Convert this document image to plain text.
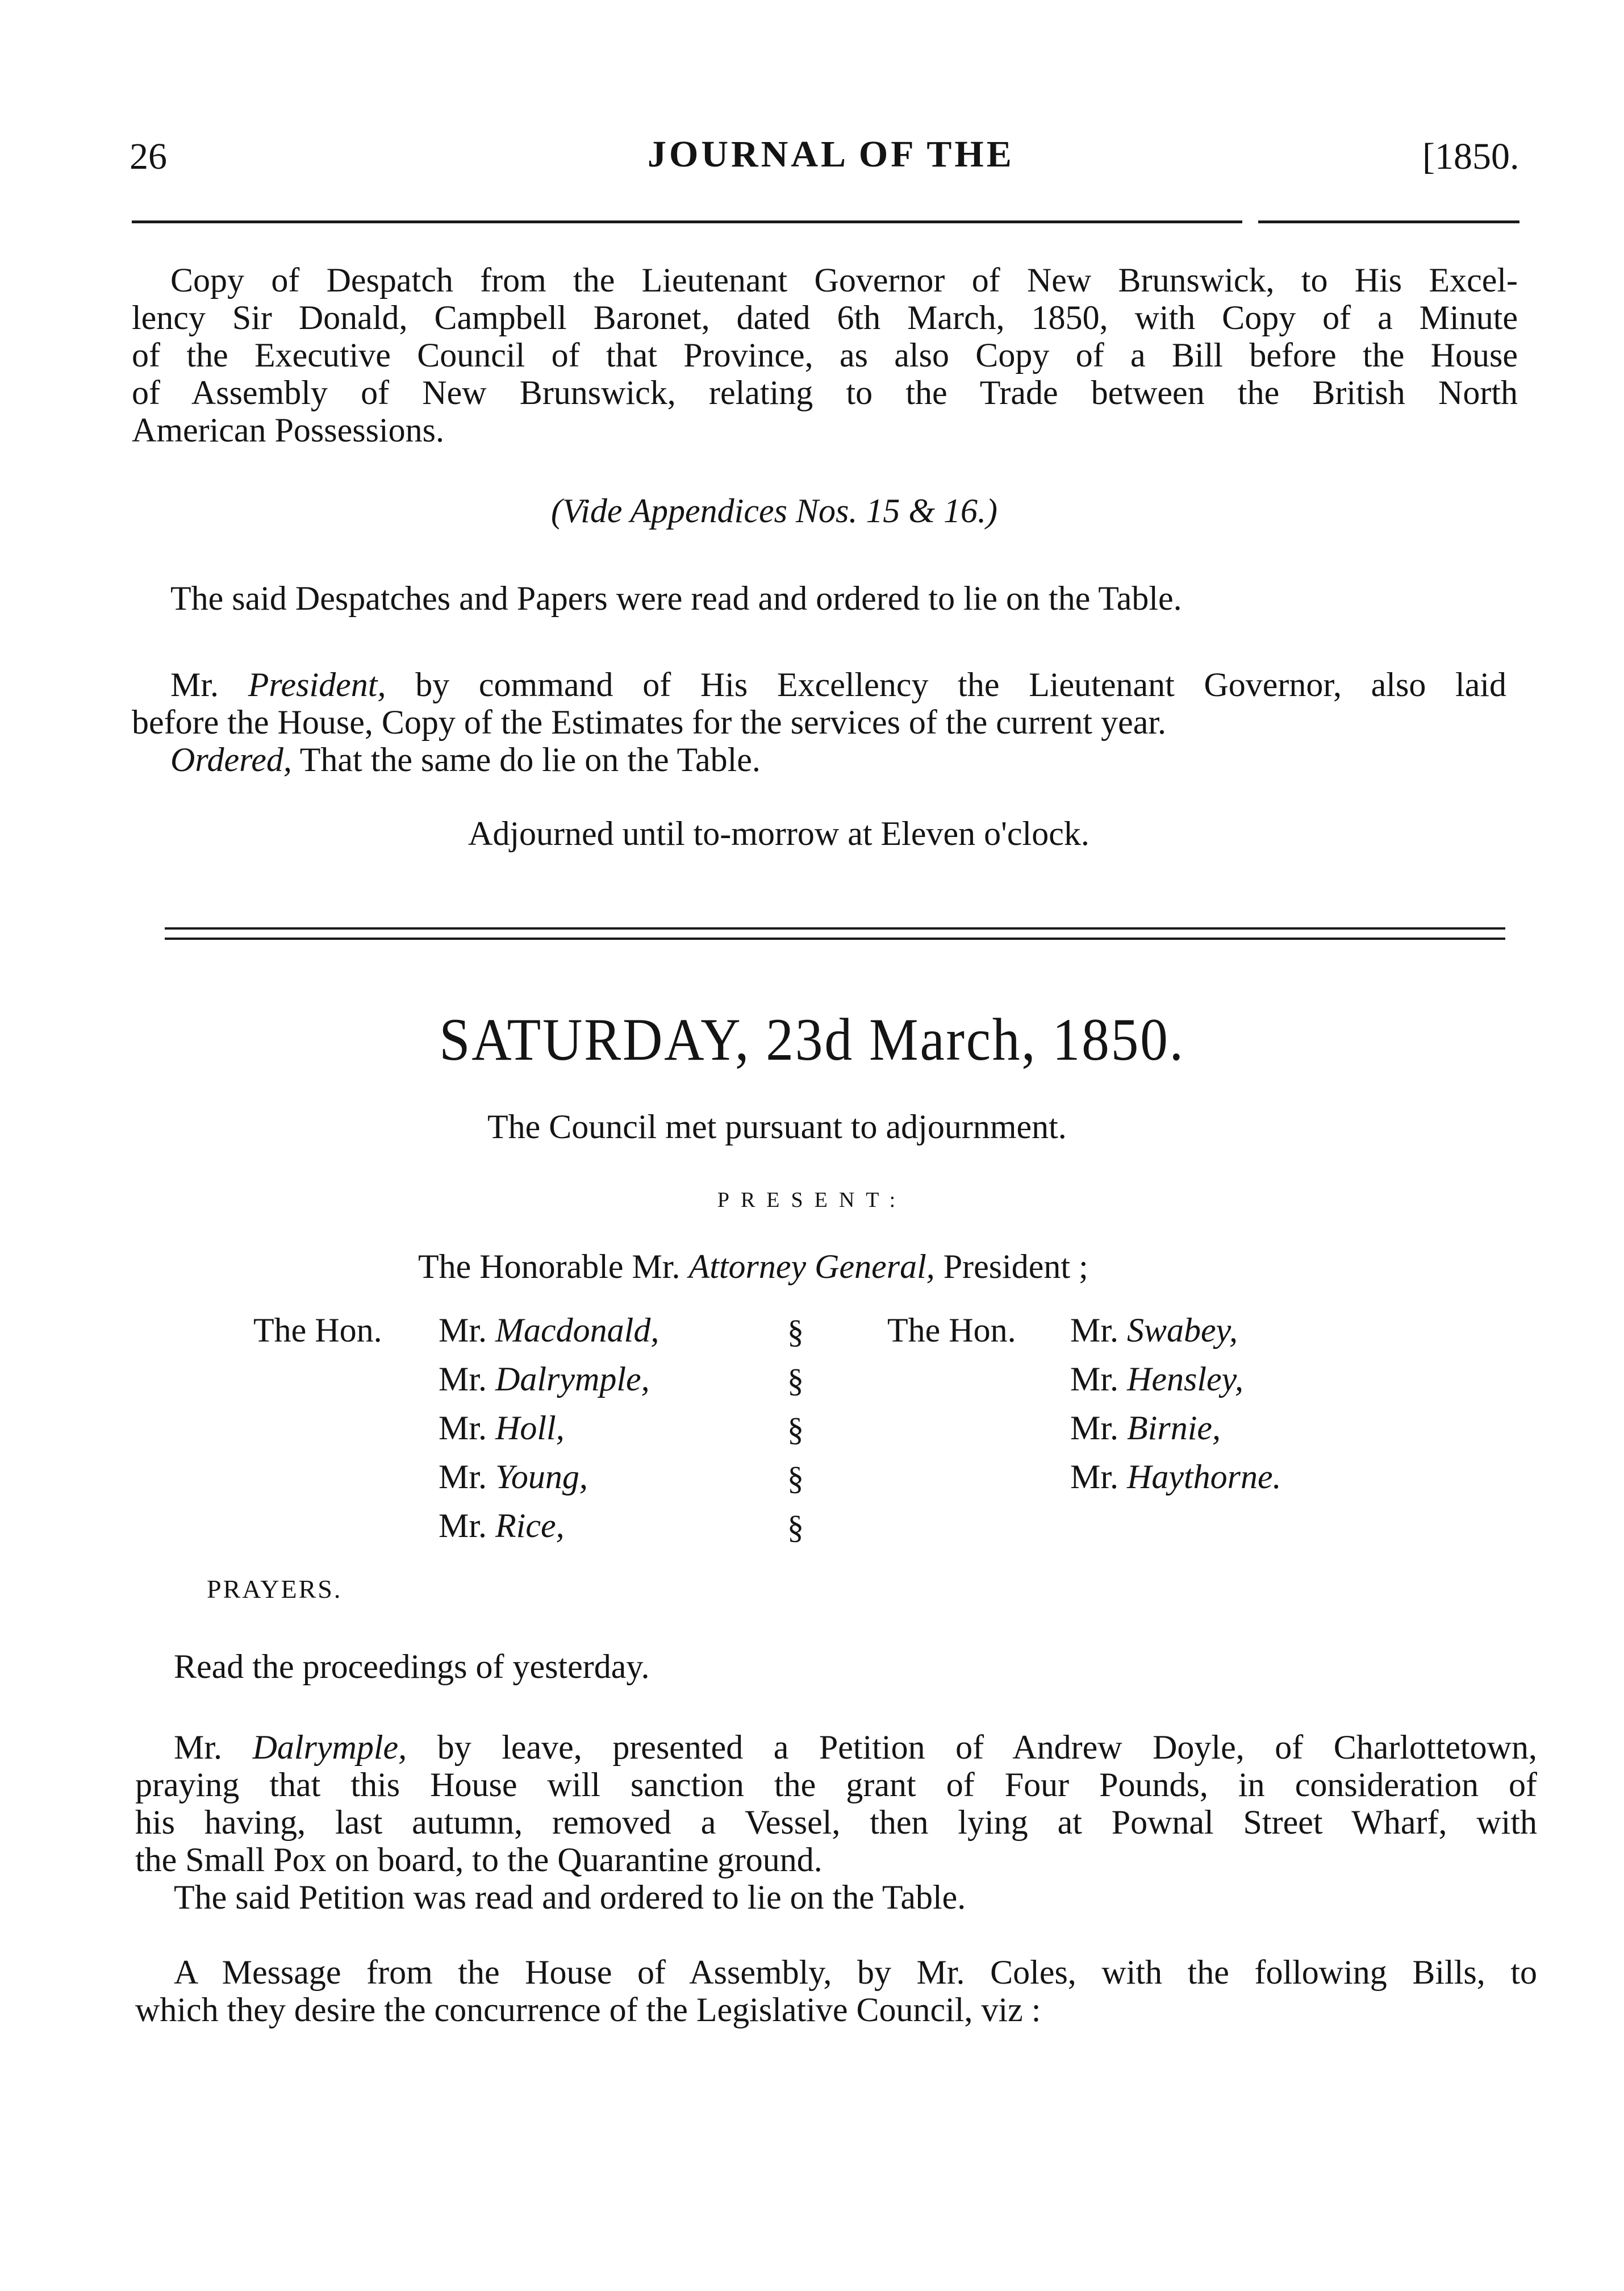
26	JOURNAL OF THE	[1850.
Copy of Despatch from the Lieutenant Governor of New Brunswick, to His Excel-
lency Sir Donald, Campbell Baronet, dated 6th March, 1850, with Copy of a Minute
of the Executive Council of that Province, as also Copy of a Bill before the House
of Assembly of New Brunswick, relating to the Trade between the British North
American Possessions.
(Vide Appendices Nos. 15 & 16.)
The said Despatches and Papers were read and ordered to lie on the Table.
Mr. President, by command of His Excellency the Lieutenant Governor, also laid
before the House, Copy of the Estimates for the services of the current year.
Ordered, That the same do lie on the Table.
Adjourned until to-morrow at Eleven o'clock.
SATURDAY, 23d March, 1850.
The Council met pursuant to adjournment.
PRESENT:
The Honorable Mr. Attorney General, President ;
The Hon. Mr. Macdonald,
Mr. Dalrymple,
Mr. Holl,
Mr. Young,
Mr. Rice,
§
§
§
§
§
The Hon. Mr. Swabey,
Mr. Hensley,
Mr. Birnie,
Mr. Haythorne.
PRAYERS.
Read the proceedings of yesterday.
Mr. Dalrymple, by leave, presented a Petition of Andrew Doyle, of Charlottetown,
praying that this House will sanction the grant of Four Pounds, in consideration of
his having, last autumn, removed a Vessel, then lying at Pownal Street Wharf, with
the Small Pox on board, to the Quarantine ground.
The said Petition was read and ordered to lie on the Table.
A Message from the House of Assembly, by Mr. Coles, with the following Bills, to
which they desire the concurrence of the Legislative Council, viz :
